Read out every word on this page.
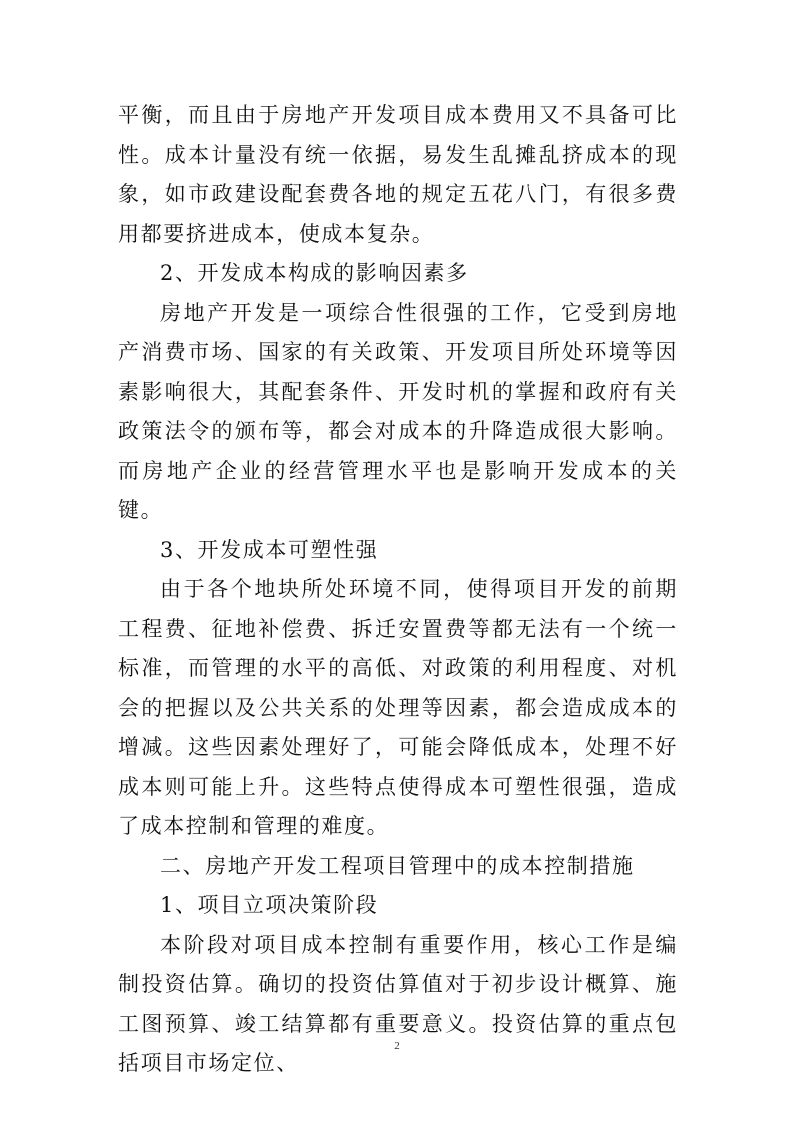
平衡，而且由于房地产开发项目成本费用又不具备可比性。成本计量没有统一依据，易发生乱摊乱挤成本的现象，如市政建设配套费各地的规定五花八门，有很多费用都要挤进成本，使成本复杂。

2、开发成本构成的影响因素多

房地产开发是一项综合性很强的工作，它受到房地产消费市场、国家的有关政策、开发项目所处环境等因素影响很大，其配套条件、开发时机的掌握和政府有关政策法令的颁布等，都会对成本的升降造成很大影响。而房地产企业的经营管理水平也是影响开发成本的关键。

3、开发成本可塑性强

由于各个地块所处环境不同，使得项目开发的前期工程费、征地补偿费、拆迁安置费等都无法有一个统一标准，而管理的水平的高低、对政策的利用程度、对机会的把握以及公共关系的处理等因素，都会造成成本的增减。这些因素处理好了，可能会降低成本，处理不好成本则可能上升。这些特点使得成本可塑性很强，造成了成本控制和管理的难度。

二、房地产开发工程项目管理中的成本控制措施

1、项目立项决策阶段

本阶段对项目成本控制有重要作用，核心工作是编制投资估算。确切的投资估算值对于初步设计概算、施工图预算、竣工结算都有重要意义。投资估算的重点包括项目市场定位、

2
